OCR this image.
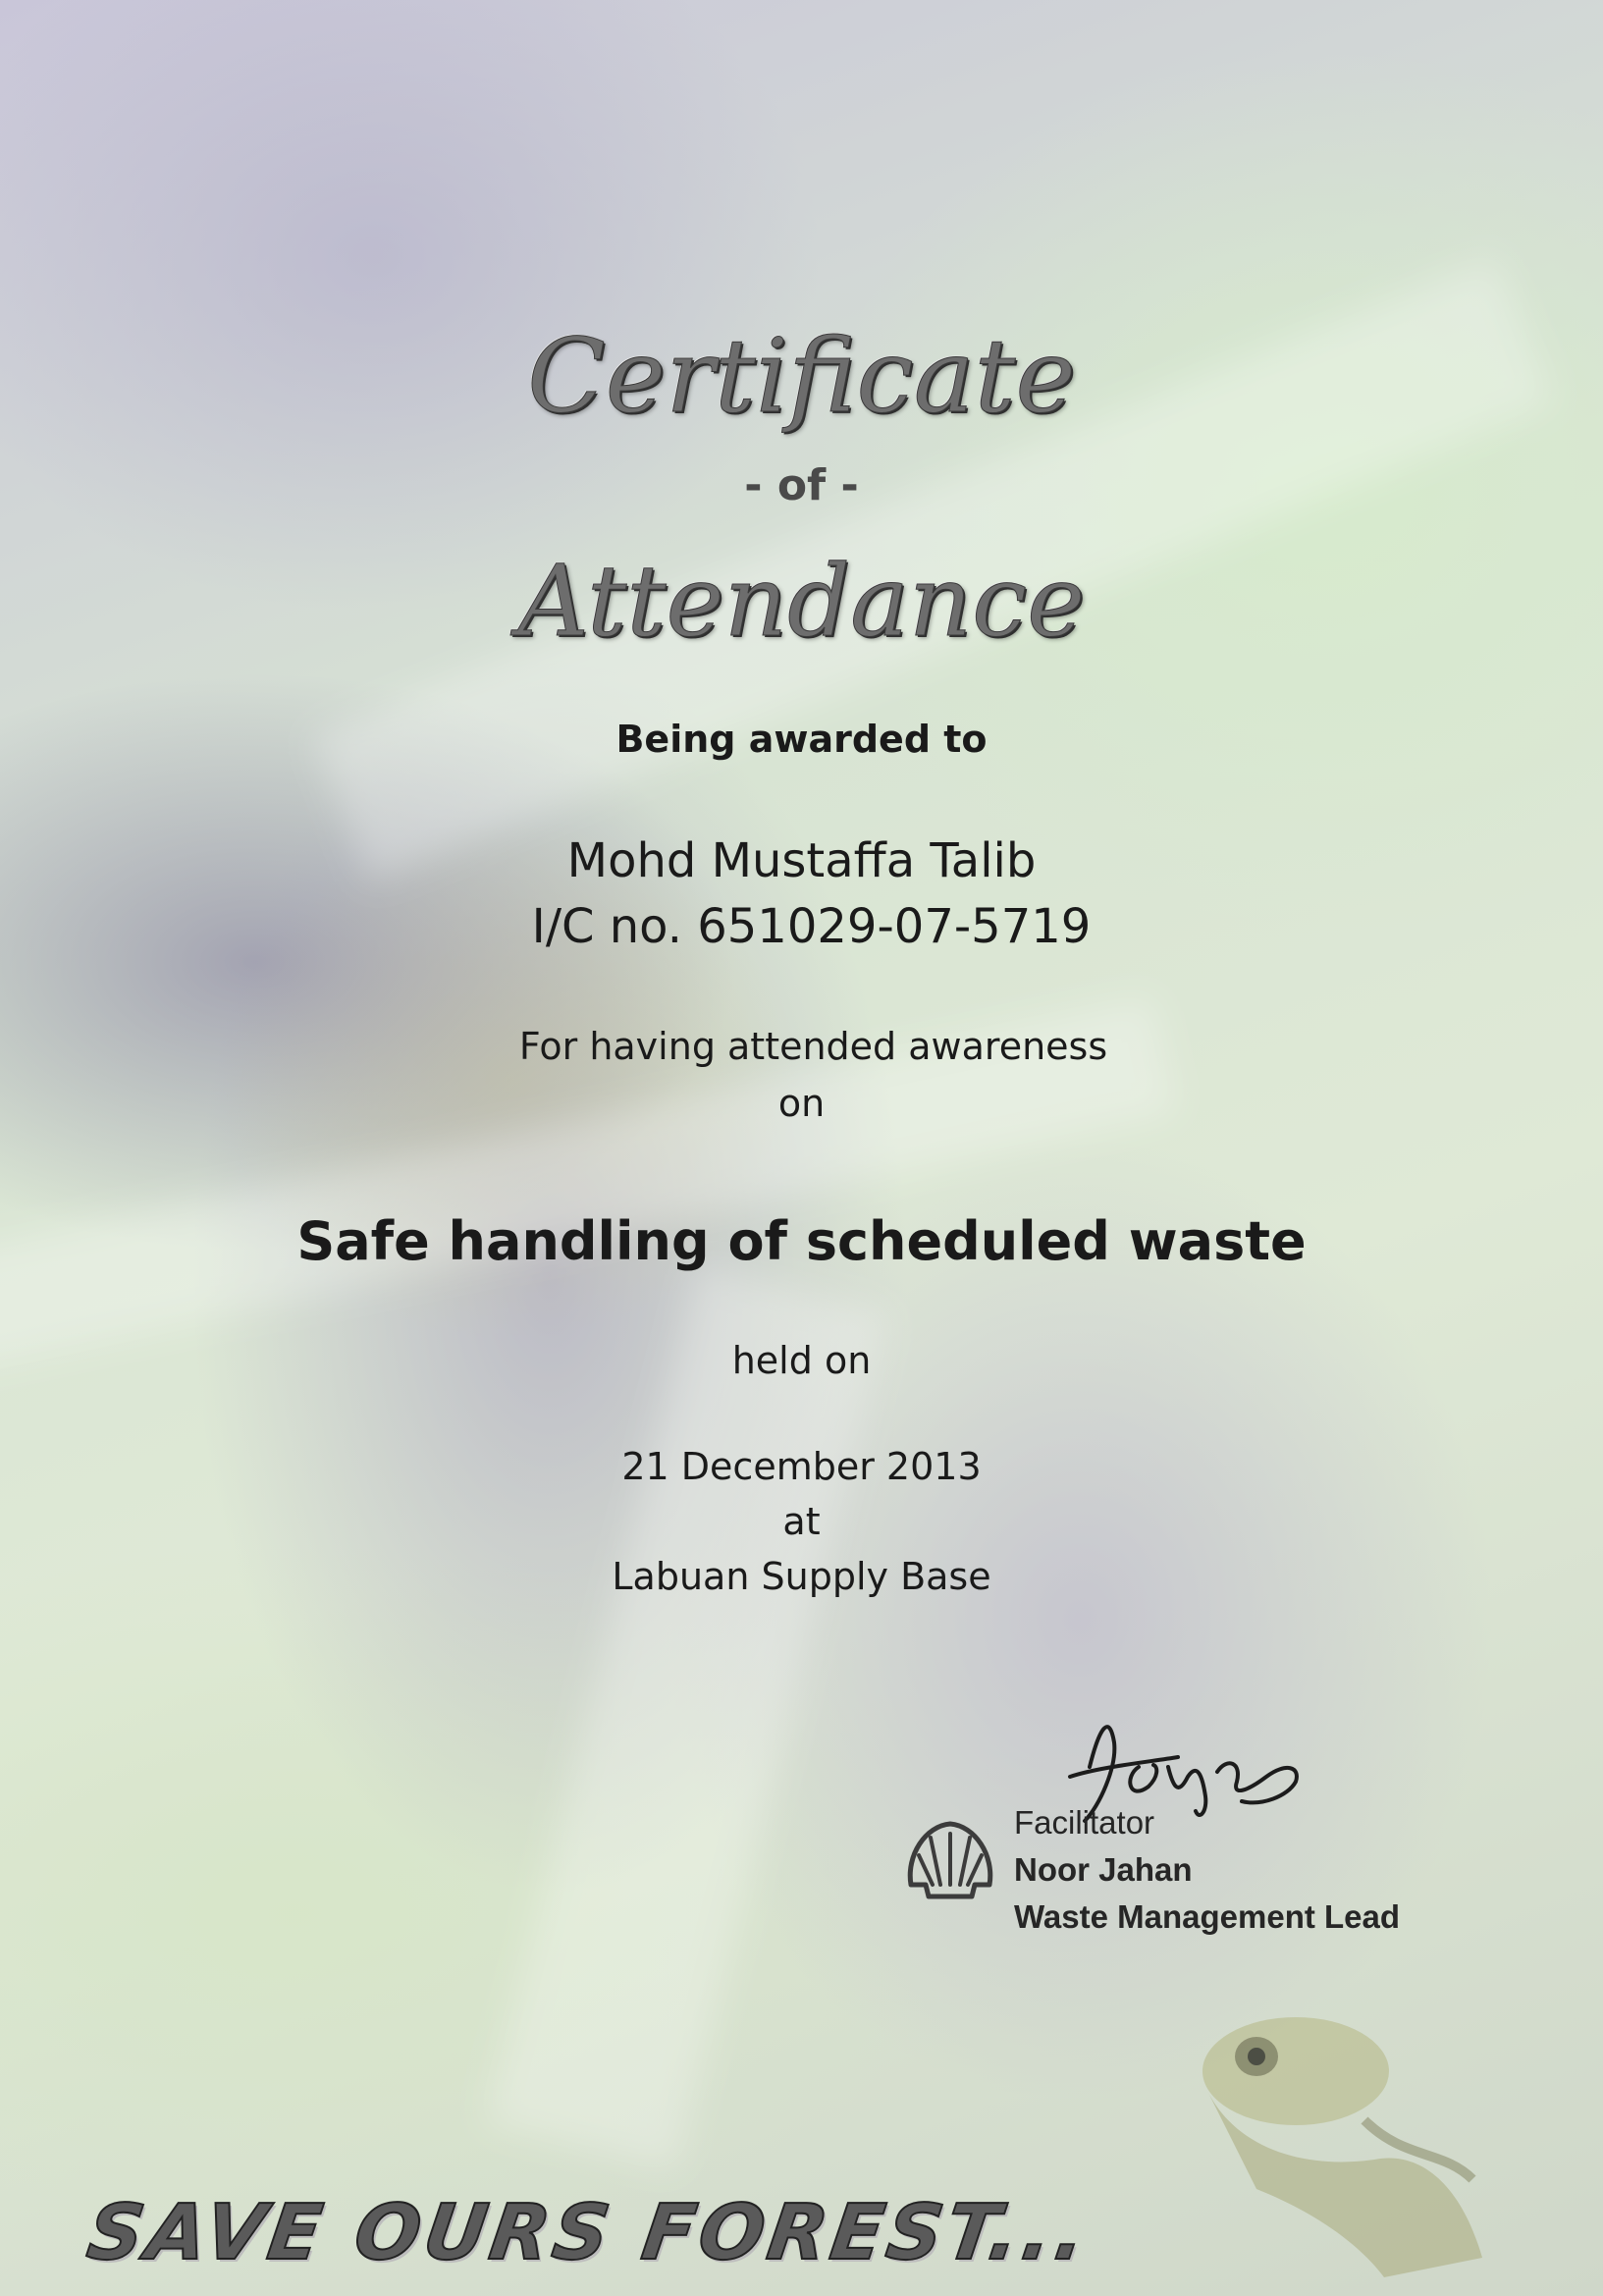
Certificate
- of -
Attendance
Being awarded to
Mohd Mustaffa Talib
I/C no. 651029-07-5719
For having attended awareness
on
Safe handling of scheduled waste
held on
21 December 2013
at
Labuan Supply Base
Facilitator
Noor Jahan
Waste Management Lead
SAVE OURS FOREST...
